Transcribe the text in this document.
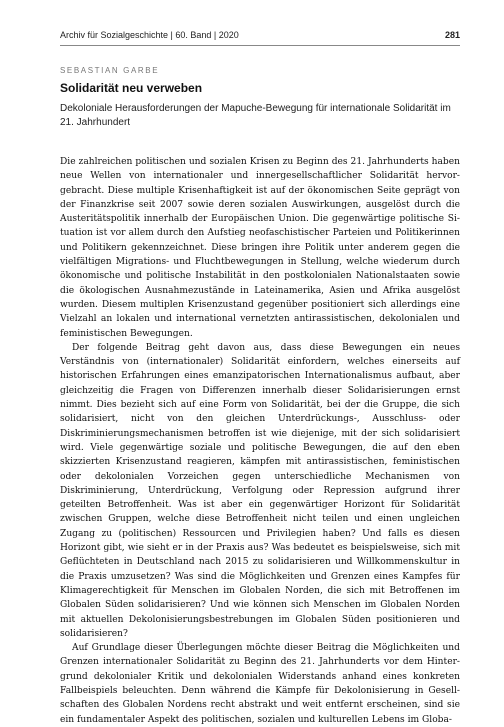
Archiv für Sozialgeschichte | 60. Band | 2020	281
SEBASTIAN GARBE
Solidarität neu verweben
Dekoloniale Herausforderungen der Mapuche-Bewegung für internationale Solidarität im 21. Jahrhundert

Die zahlreichen politischen und sozialen Krisen zu Beginn des 21. Jahrhunderts haben neue Wellen von internationaler und innergesellschaftlicher Solidarität hervorgebracht. Diese multiple Krisenhaftigkeit ist auf der ökonomischen Seite geprägt von der Finanzkrise seit 2007 sowie deren sozialen Auswirkungen, ausgelöst durch die Austeritätspolitik innerhalb der Europäischen Union. Die gegenwärtige politische Situation ist vor allem durch den Aufstieg neofaschistischer Parteien und Politikerinnen und Politikern gekennzeichnet. Diese bringen ihre Politik unter anderem gegen die vielfältigen Migrations- und Fluchtbewegungen in Stellung, welche wiederum durch ökonomische und politische Instabilität in den postkolonialen Nationalstaaten sowie die ökologischen Ausnahmezustände in Lateinamerika, Asien und Afrika ausgelöst wurden. Diesem multiplen Krisenzustand gegenüber positioniert sich allerdings eine Vielzahl an lokalen und international vernetzten antirassistischen, dekolonialen und feministischen Bewegungen.

Der folgende Beitrag geht davon aus, dass diese Bewegungen ein neues Verständnis von (internationaler) Solidarität einfordern, welches einerseits auf historischen Erfahrungen eines emanzipatorischen Internationalismus aufbaut, aber gleichzeitig die Fragen von Differenzen innerhalb dieser Solidarisierungen ernst nimmt. Dies bezieht sich auf eine Form von Solidarität, bei der die Gruppe, die sich solidarisiert, nicht von den gleichen Unterdrückungs-, Ausschluss- oder Diskriminierungsmechanismen betroffen ist wie diejenige, mit der sich solidarisiert wird. Viele gegenwärtige soziale und politische Bewegungen, die auf den eben skizzierten Krisenzustand reagieren, kämpfen mit antirassistischen, feministischen oder dekolonialen Vorzeichen gegen unterschiedliche Mechanismen von Diskriminierung, Unterdrückung, Verfolgung oder Repression aufgrund ihrer geteilten Betroffenheit. Was ist aber ein gegenwärtiger Horizont für Solidarität zwischen Gruppen, welche diese Betroffenheit nicht teilen und einen ungleichen Zugang zu (politischen) Ressourcen und Privilegien haben? Und falls es diesen Horizont gibt, wie sieht er in der Praxis aus? Was bedeutet es beispielsweise, sich mit Geflüchteten in Deutschland nach 2015 zu solidarisieren und Willkommenskultur in die Praxis umzusetzen? Was sind die Möglichkeiten und Grenzen eines Kampfes für Klimagerechtigkeit für Menschen im Globalen Norden, die sich mit Betroffenen im Globalen Süden solidarisieren? Und wie können sich Menschen im Globalen Norden mit aktuellen Dekolonisierungsbestrebungen im Globalen Süden positionieren und solidarisieren?

Auf Grundlage dieser Überlegungen möchte dieser Beitrag die Möglichkeiten und Grenzen internationaler Solidarität zu Beginn des 21. Jahrhunderts vor dem Hintergrund dekolonialer Kritik und dekolonialen Widerstands anhand eines konkreten Fallbeispiels beleuchten. Denn während die Kämpfe für Dekolonisierung in Gesellschaften des Globalen Nordens recht abstrakt und weit entfernt erscheinen, sind sie ein fundamentaler Aspekt des politischen, sozialen und kulturellen Lebens im Globa-
